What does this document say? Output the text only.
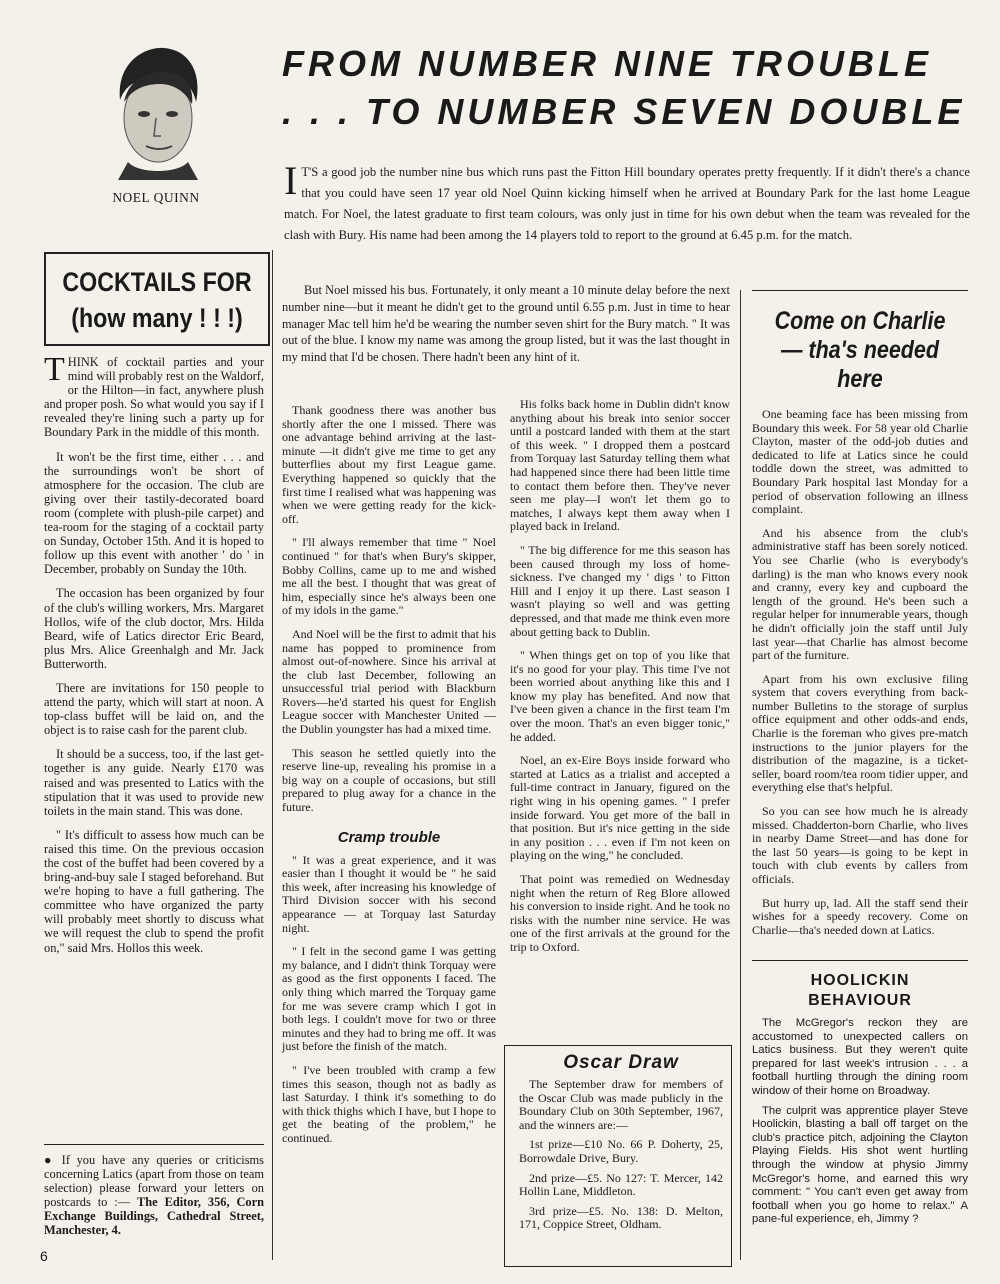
FROM NUMBER NINE TROUBLE
. . . TO NUMBER SEVEN DOUBLE
NOEL QUINN	I T'S a good job the number nine bus which runs past the Fitton Hill boundary operates pretty frequently. If it didn't there's a chance that you could have seen 17 year old Noel Quinn kicking himself when he arrived at Boundary Park for the last home League match. For Noel, the latest graduate to first team colours, was only just in time for his own debut when the team was revealed for the clash with Bury. His name had been among the 14 players told to report to the ground at 6.45 p.m. for the match.

COCKTAILS FOR
(how many ! ! !)

THINK of cocktail parties and your mind will probably rest on the Waldorf, or the Hilton—in fact, anywhere plush and proper posh. So what would you say if I revealed they're lining such a party up for Boundary Park in the middle of this month.

It won't be the first time, either . . . and the surroundings won't be short of atmosphere for the occasion. The club are giving over their tastily-decorated board room (complete with plush-pile carpet) and tea-room for the staging of a cocktail party on Sunday, October 15th. And it is hoped to follow up this event with another ' do ' in December, probably on Sunday the 10th.

The occasion has been organized by four of the club's willing workers, Mrs. Margaret Hollos, wife of the club doctor, Mrs. Hilda Beard, wife of Latics director Eric Beard, plus Mrs. Alice Greenhalgh and Mr. Jack Butterworth.

There are invitations for 150 people to attend the party, which will start at noon. A top-class buffet will be laid on, and the object is to raise cash for the parent club.

It should be a success, too, if the last get-together is any guide. Nearly £170 was raised and was presented to Latics with the stipulation that it was used to provide new toilets in the main stand. This was done.

" It's difficult to assess how much can be raised this time. On the previous occasion the cost of the buffet had been covered by a bring-and-buy sale I staged beforehand. But we're hoping to have a full gathering. The committee who have organized the party will probably meet shortly to discuss what we will request the club to spend the profit on," said Mrs. Hollos this week.

● If you have any queries or criticisms concerning Latics (apart from those on team selection) please forward your letters on postcards to :— The Editor, 356, Corn Exchange Buildings, Cathedral Street, Manchester, 4.

6

But Noel missed his bus. Fortunately, it only meant a 10 minute delay before the next number nine—but it meant he didn't get to the ground until 6.55 p.m. Just in time to hear manager Mac tell him he'd be wearing the number seven shirt for the Bury match. " It was out of the blue. I know my name was among the group listed, but it was the last thought in my mind that I'd be chosen. There hadn't been any hint of it.

Thank goodness there was another bus shortly after the one I missed. There was one advantage behind arriving at the last-minute —it didn't give me time to get any butterflies about my first League game. Everything happened so quickly that the first time I realised what was happening was when we were getting ready for the kick-off.

" I'll always remember that time " Noel continued " for that's when Bury's skipper, Bobby Collins, came up to me and wished me all the best. I thought that was great of him, especially since he's always been one of my idols in the game."

And Noel will be the first to admit that his name has popped to prominence from almost out-of-nowhere. Since his arrival at the club last December, following an unsuccessful trial period with Blackburn Rovers—he'd started his quest for English League soccer with Manchester United — the Dublin youngster has had a mixed time.

This season he settled quietly into the reserve line-up, revealing his promise in a big way on a couple of occasions, but still prepared to plug away for a chance in the future.

Cramp trouble

" It was a great experience, and it was easier than I thought it would be " he said this week, after increasing his knowledge of Third Division soccer with his second appearance — at Torquay last Saturday night.

" I felt in the second game I was getting my balance, and I didn't think Torquay were as good as the first opponents I faced. The only thing which marred the Torquay game for me was severe cramp which I got in both legs. I couldn't move for two or three minutes and they had to bring me off. It was just before the finish of the match.

" I've been troubled with cramp a few times this season, though not as badly as last Saturday. I think it's something to do with thick thighs which I have, but I hope to get the beating of the problem," he continued.

His folks back home in Dublin didn't know anything about his break into senior soccer until a postcard landed with them at the start of this week. " I dropped them a postcard from Torquay last Saturday telling them what had happened since there had been little time to contact them before then. They've never seen me play—I won't let them go to matches, I always kept them away when I played back in Ireland.

" The big difference for me this season has been caused through my loss of home-sickness. I've changed my ' digs ' to Fitton Hill and I enjoy it up there. Last season I wasn't playing so well and was getting depressed, and that made me think even more about getting back to Dublin.

" When things get on top of you like that it's no good for your play. This time I've not been worried about anything like this and I know my play has benefited. And now that I've been given a chance in the first team I'm over the moon. That's an even bigger tonic," he added.

Noel, an ex-Eire Boys inside forward who started at Latics as a trialist and accepted a full-time contract in January, figured on the right wing in his opening games. " I prefer inside forward. You get more of the ball in that position. But it's nice getting in the side in any position . . . even if I'm not keen on playing on the wing," he concluded.

That point was remedied on Wednesday night when the return of Reg Blore allowed his conversion to inside right. And he took no risks with the number nine service. He was one of the first arrivals at the ground for the trip to Oxford.

Oscar Draw

The September draw for members of the Oscar Club was made publicly in the Boundary Club on 30th September, 1967, and the winners are:—

1st prize—£10 No. 66 P. Doherty, 25, Borrowdale Drive, Bury.

2nd prize—£5. No 127: T. Mercer, 142 Hollin Lane, Middleton.

3rd prize—£5. No. 138: D. Melton, 171, Coppice Street, Oldham.

Come on Charlie
— tha's needed
here

One beaming face has been missing from Boundary this week. For 58 year old Charlie Clayton, master of the odd-job duties and dedicated to life at Latics since he could toddle down the street, was admitted to Boundary Park hospital last Monday for a period of observation following an illness complaint.

And his absence from the club's administrative staff has been sorely noticed. You see Charlie (who is everybody's darling) is the man who knows every nook and cranny, every key and cupboard the length of the ground. He's been such a regular helper for innumerable years, though he didn't officially join the staff until July last year—that Charlie has almost become part of the furniture.

Apart from his own exclusive filing system that covers everything from back-number Bulletins to the storage of surplus office equipment and other odds-and ends, Charlie is the foreman who gives pre-match instructions to the junior players for the distribution of the magazine, is a ticket-seller, board room/tea room tidier upper, and everything else that's helpful.

So you can see how much he is already missed. Chadderton-born Charlie, who lives in nearby Dame Street—and has done for the last 50 years—is going to be kept in touch with club events by callers from officials.

But hurry up, lad. All the staff send their wishes for a speedy recovery. Come on Charlie—tha's needed down at Latics.

HOOLICKIN
BEHAVIOUR

The McGregor's reckon they are accustomed to unexpected callers on Latics business. But they weren't quite prepared for last week's intrusion . . . a football hurtling through the dining room window of their home on Broadway.

The culprit was apprentice player Steve Hoolickin, blasting a ball off target on the club's practice pitch, adjoining the Clayton Playing Fields. His shot went hurtling through the window at physio Jimmy McGregor's home, and earned this wry comment: " You can't even get away from football when you go home to relax." A pane-ful experience, eh, Jimmy ?
